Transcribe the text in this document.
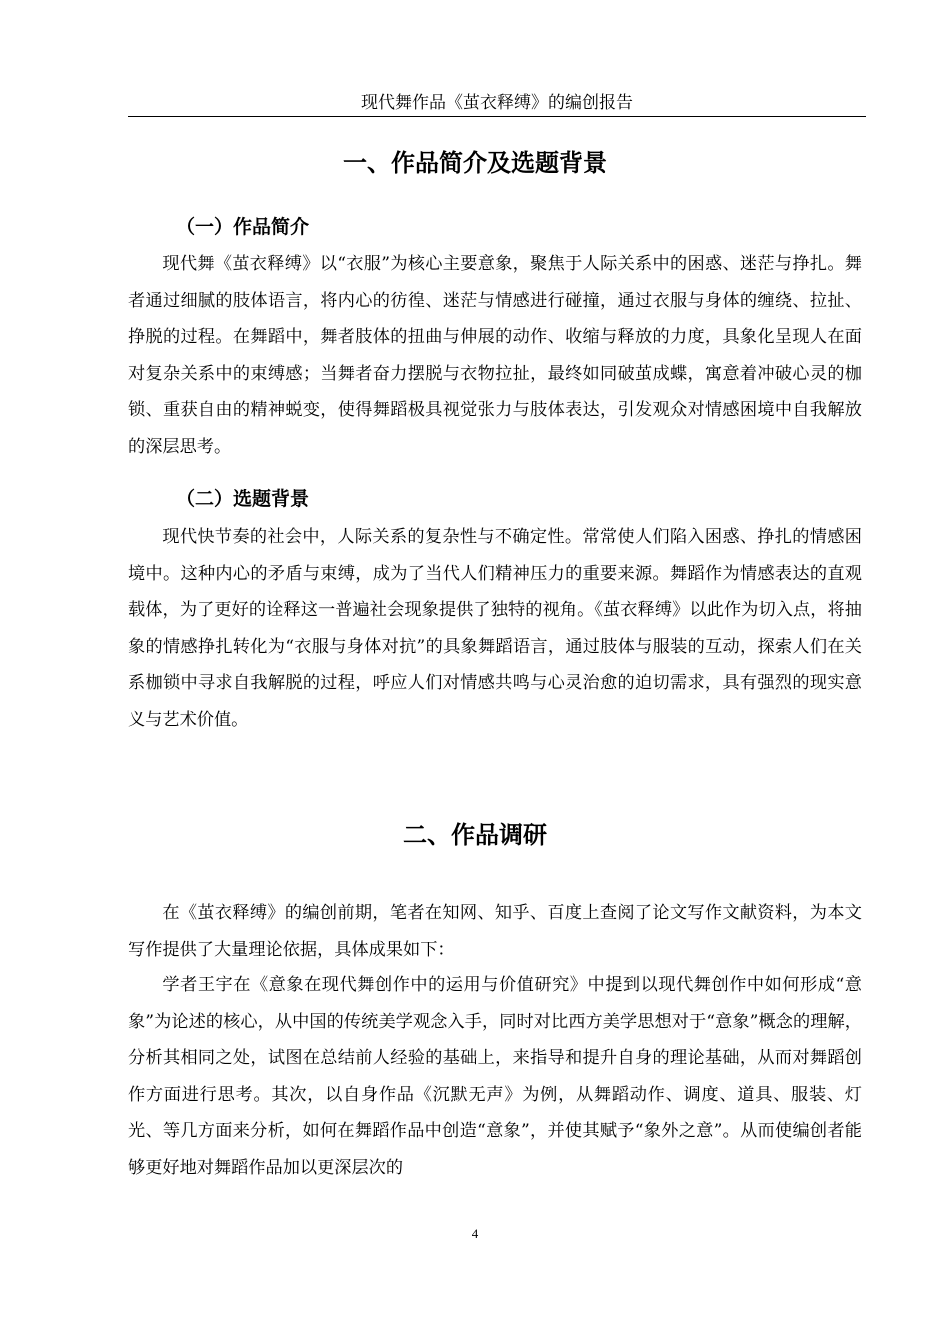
现代舞作品《茧衣释缚》的编创报告
一、作品简介及选题背景
（一）作品简介

现代舞《茧衣释缚》以“衣服”为核心主要意象，聚焦于人际关系中的困惑、迷茫与挣扎。舞者通过细腻的肢体语言，将内心的彷徨、迷茫与情感进行碰撞，通过衣服与身体的缠绕、拉扯、挣脱的过程。在舞蹈中，舞者肢体的扭曲与伸展的动作、收缩与释放的力度，具象化呈现人在面对复杂关系中的束缚感；当舞者奋力摆脱与衣物拉扯，最终如同破茧成蝶，寓意着冲破心灵的枷锁、重获自由的精神蜕变，使得舞蹈极具视觉张力与肢体表达，引发观众对情感困境中自我解放的深层思考。

（二）选题背景

现代快节奏的社会中，人际关系的复杂性与不确定性。常常使人们陷入困惑、挣扎的情感困境中。这种内心的矛盾与束缚，成为了当代人们精神压力的重要来源。舞蹈作为情感表达的直观载体，为了更好的诠释这一普遍社会现象提供了独特的视角。《茧衣释缚》以此作为切入点，将抽象的情感挣扎转化为“衣服与身体对抗”的具象舞蹈语言，通过肢体与服装的互动，探索人们在关系枷锁中寻求自我解脱的过程，呼应人们对情感共鸣与心灵治愈的迫切需求，具有强烈的现实意义与艺术价值。

二、作品调研

在《茧衣释缚》的编创前期，笔者在知网、知乎、百度上查阅了论文写作文献资料，为本文写作提供了大量理论依据，具体成果如下：

学者王宇在《意象在现代舞创作中的运用与价值研究》中提到以现代舞创作中如何形成“意象”为论述的核心，从中国的传统美学观念入手，同时对比西方美学思想对于“意象”概念的理解，分析其相同之处，试图在总结前人经验的基础上，来指导和提升自身的理论基础，从而对舞蹈创作方面进行思考。其次，以自身作品《沉默无声》为例，从舞蹈动作、调度、道具、服装、灯光、等几方面来分析，如何在舞蹈作品中创造“意象”，并使其赋予“象外之意”。从而使编创者能够更好地对舞蹈作品加以更深层次的

4
